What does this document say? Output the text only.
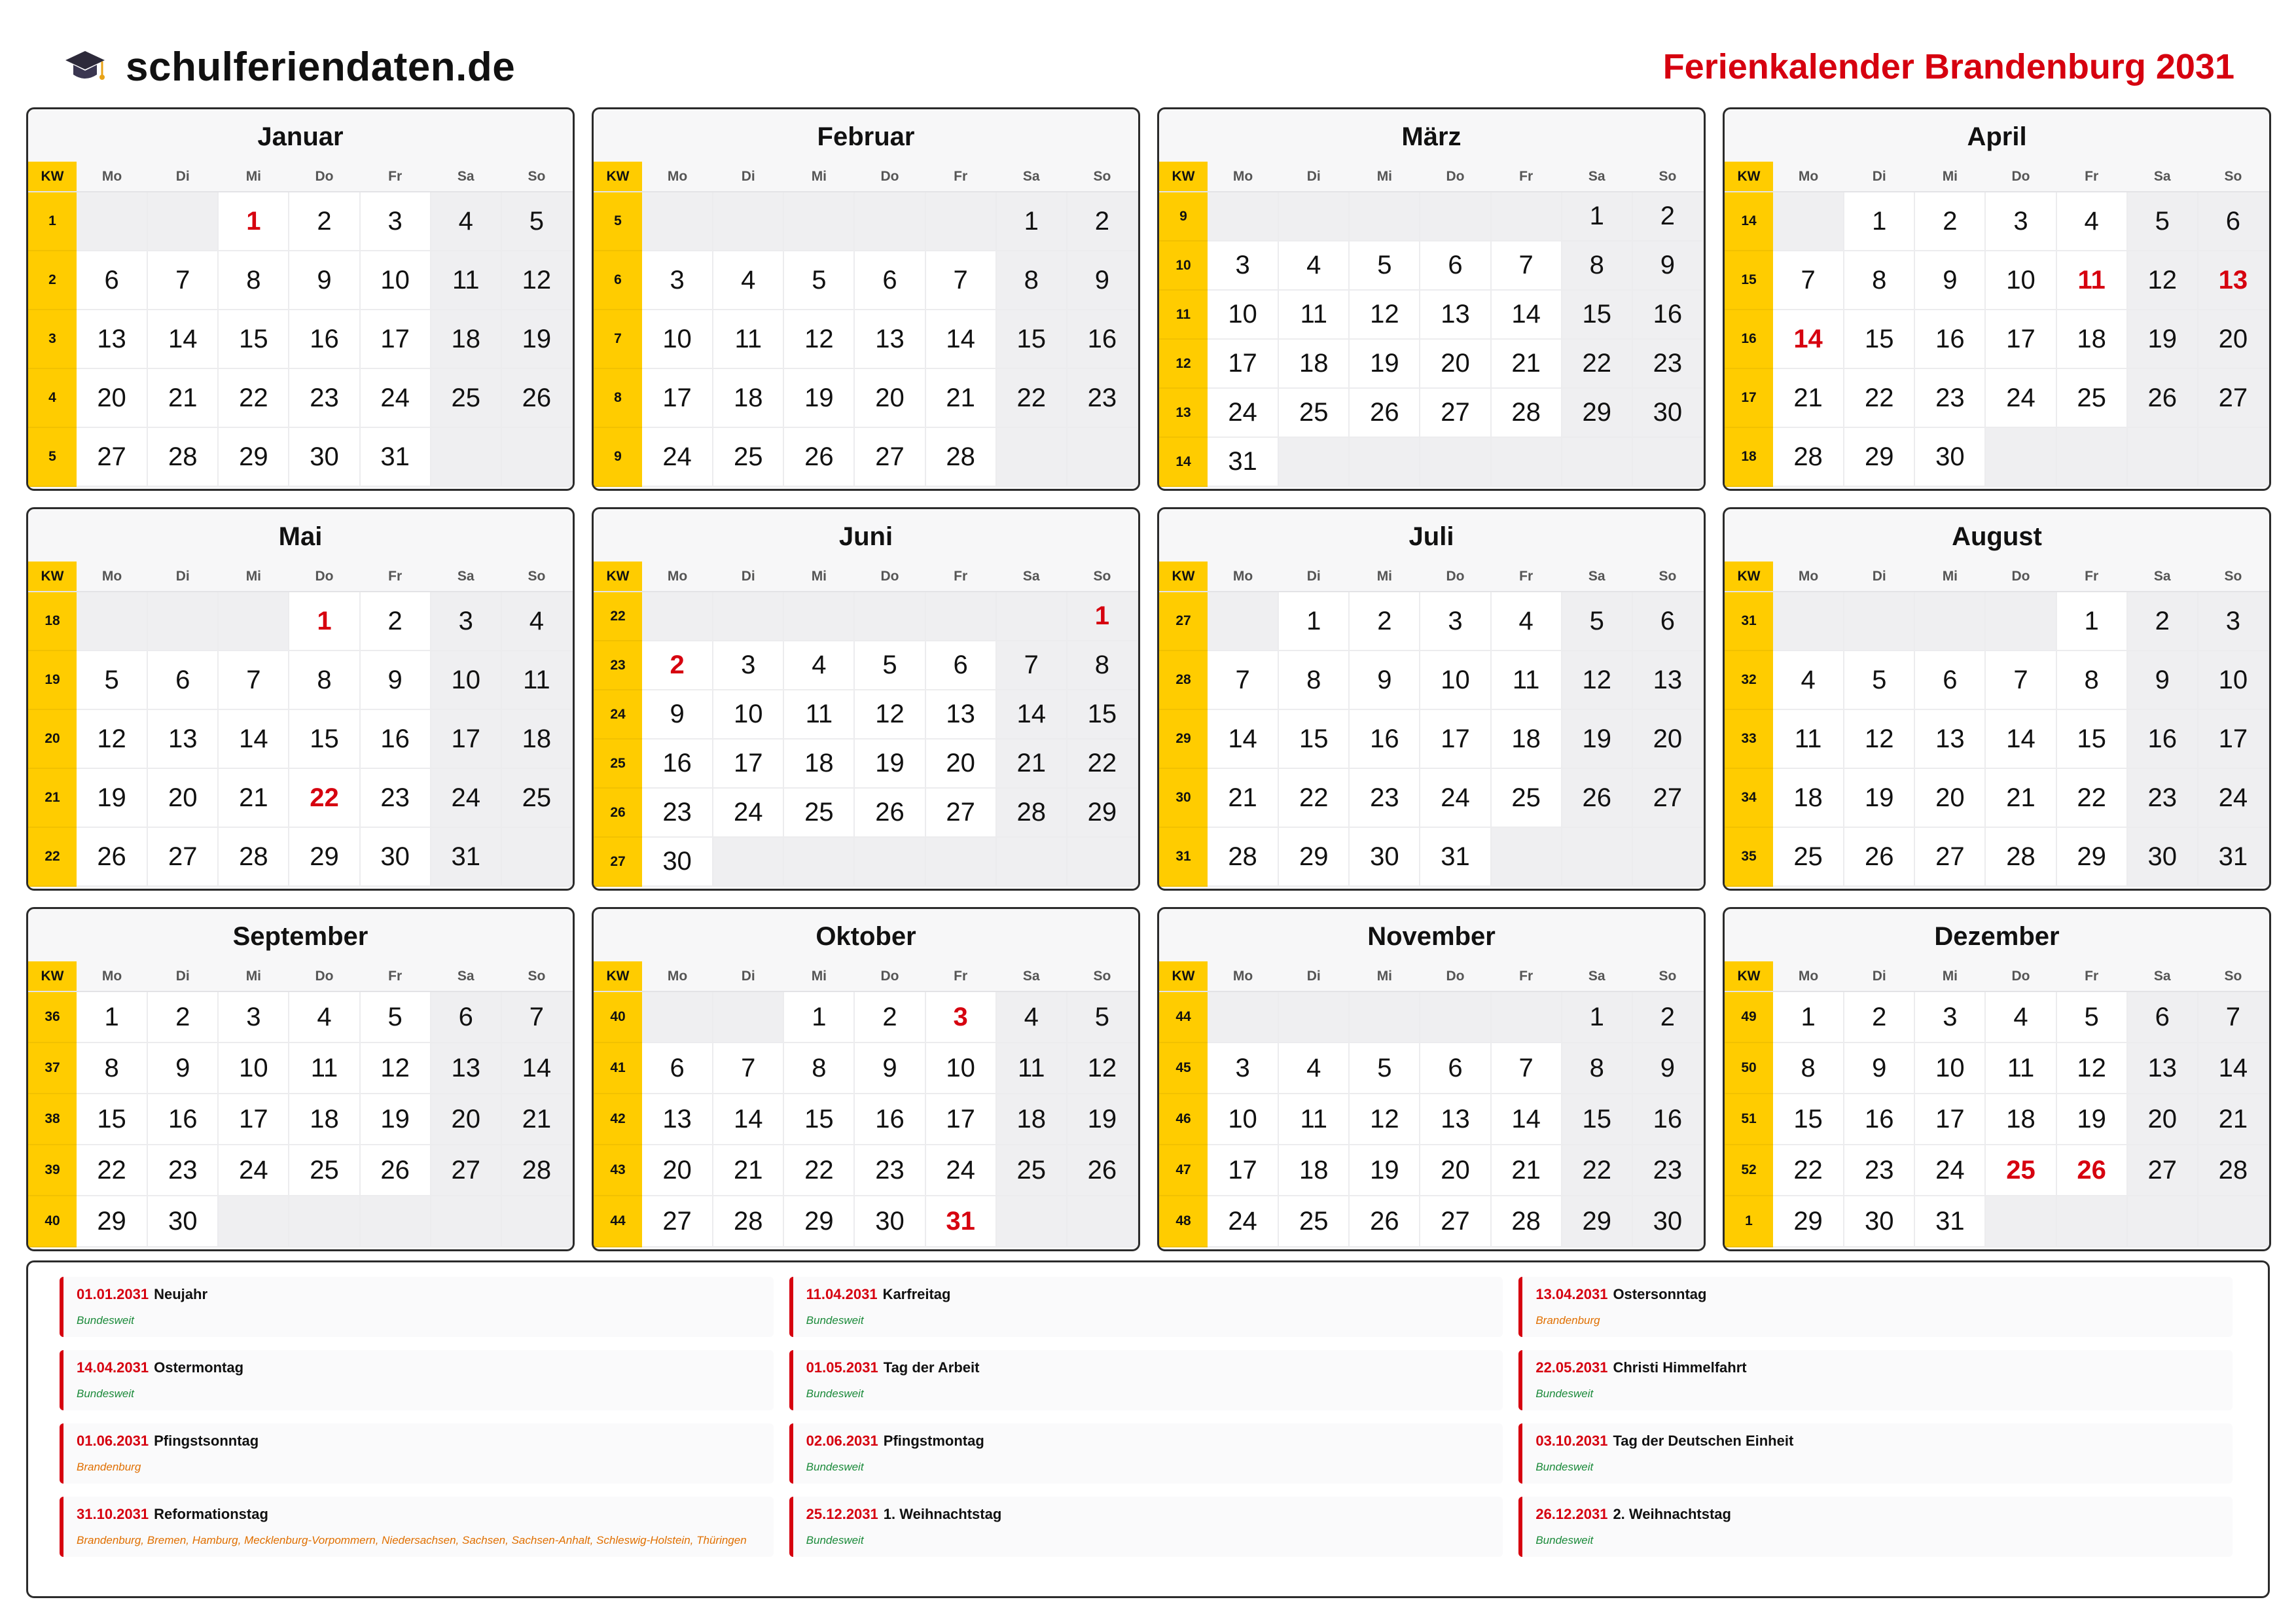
schulferiendaten.de	Ferienkalender Brandenburg 2031
Januar
KW	Mo	Di	Mi	Do	Fr	Sa	So
1			1	2	3	4	5
2	6	7	8	9	10	11	12
3	13	14	15	16	17	18	19
4	20	21	22	23	24	25	26
5	27	28	29	30	31		
Februar
KW	Mo	Di	Mi	Do	Fr	Sa	So
5						1	2
6	3	4	5	6	7	8	9
7	10	11	12	13	14	15	16
8	17	18	19	20	21	22	23
9	24	25	26	27	28		
März
KW	Mo	Di	Mi	Do	Fr	Sa	So
9						1	2
10	3	4	5	6	7	8	9
11	10	11	12	13	14	15	16
12	17	18	19	20	21	22	23
13	24	25	26	27	28	29	30
14	31						
April
KW	Mo	Di	Mi	Do	Fr	Sa	So
14		1	2	3	4	5	6
15	7	8	9	10	11	12	13
16	14	15	16	17	18	19	20
17	21	22	23	24	25	26	27
18	28	29	30				
Mai
KW	Mo	Di	Mi	Do	Fr	Sa	So
18				1	2	3	4
19	5	6	7	8	9	10	11
20	12	13	14	15	16	17	18
21	19	20	21	22	23	24	25
22	26	27	28	29	30	31	
Juni
KW	Mo	Di	Mi	Do	Fr	Sa	So
22							1
23	2	3	4	5	6	7	8
24	9	10	11	12	13	14	15
25	16	17	18	19	20	21	22
26	23	24	25	26	27	28	29
27	30						
Juli
KW	Mo	Di	Mi	Do	Fr	Sa	So
27		1	2	3	4	5	6
28	7	8	9	10	11	12	13
29	14	15	16	17	18	19	20
30	21	22	23	24	25	26	27
31	28	29	30	31			
August
KW	Mo	Di	Mi	Do	Fr	Sa	So
31					1	2	3
32	4	5	6	7	8	9	10
33	11	12	13	14	15	16	17
34	18	19	20	21	22	23	24
35	25	26	27	28	29	30	31
September
KW	Mo	Di	Mi	Do	Fr	Sa	So
36	1	2	3	4	5	6	7
37	8	9	10	11	12	13	14
38	15	16	17	18	19	20	21
39	22	23	24	25	26	27	28
40	29	30					
Oktober
KW	Mo	Di	Mi	Do	Fr	Sa	So
40			1	2	3	4	5
41	6	7	8	9	10	11	12
42	13	14	15	16	17	18	19
43	20	21	22	23	24	25	26
44	27	28	29	30	31		
November
KW	Mo	Di	Mi	Do	Fr	Sa	So
44						1	2
45	3	4	5	6	7	8	9
46	10	11	12	13	14	15	16
47	17	18	19	20	21	22	23
48	24	25	26	27	28	29	30
Dezember
KW	Mo	Di	Mi	Do	Fr	Sa	So
49	1	2	3	4	5	6	7
50	8	9	10	11	12	13	14
51	15	16	17	18	19	20	21
52	22	23	24	25	26	27	28
1	29	30	31				
01.01.2031 Neujahr
Bundesweit
11.04.2031 Karfreitag
Bundesweit
13.04.2031 Ostersonntag
Brandenburg
14.04.2031 Ostermontag
Bundesweit
01.05.2031 Tag der Arbeit
Bundesweit
22.05.2031 Christi Himmelfahrt
Bundesweit
01.06.2031 Pfingstsonntag
Brandenburg
02.06.2031 Pfingstmontag
Bundesweit
03.10.2031 Tag der Deutschen Einheit
Bundesweit
31.10.2031 Reformationstag
Brandenburg, Bremen, Hamburg, Mecklenburg-Vorpommern, Niedersachsen, Sachsen, Sachsen-Anhalt, Schleswig-Holstein, Thüringen
25.12.2031 1. Weihnachtstag
Bundesweit
26.12.2031 2. Weihnachtstag
Bundesweit
